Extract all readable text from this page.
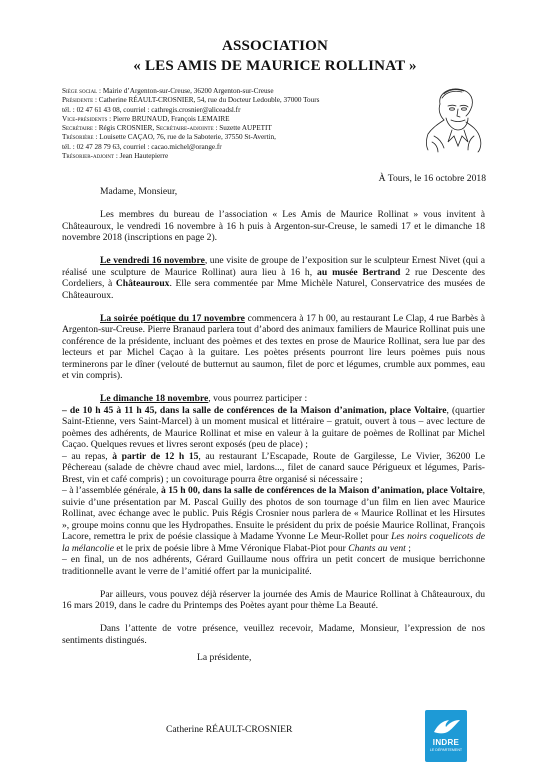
ASSOCIATION
« LES AMIS DE MAURICE ROLLINAT »
Siège social : Mairie d’Argenton-sur-Creuse, 36200 Argenton-sur-Creuse
Présidente : Catherine RÉAULT-CROSNIER, 54, rue du Docteur Ledouble, 37000 Tours
tél. : 02 47 61 43 08, courriel : cathregis.crosnier@aliceadsl.fr
Vice-présidents : Pierre BRUNAUD, François LEMAIRE
Secrétaire : Régis CROSNIER, Secrétaire-adjointe : Suzette AUPETIT
Trésorière : Louisette CAÇAO, 76, rue de la Saboterie, 37550 St-Avertin,
tél. : 02 47 28 79 63, courriel : cacao.michel@orange.fr
Trésorier-adjoint : Jean Hautepierre
À Tours, le 16 octobre 2018

Madame, Monsieur,

Les membres du bureau de l’association « Les Amis de Maurice Rollinat » vous invitent à Châteauroux, le vendredi 16 novembre à 16 h puis à Argenton-sur-Creuse, le samedi 17 et le dimanche 18 novembre 2018 (inscriptions en page 2).

Le vendredi 16 novembre, une visite de groupe de l’exposition sur le sculpteur Ernest Nivet (qui a réalisé une sculpture de Maurice Rollinat) aura lieu à 16 h, au musée Bertrand 2 rue Descente des Cordeliers, à Châteauroux. Elle sera commentée par Mme Michèle Naturel, Conservatrice des musées de Châteauroux.

La soirée poétique du 17 novembre commencera à 17 h 00, au restaurant Le Clap, 4 rue Barbès à Argenton-sur-Creuse. Pierre Branaud parlera tout d’abord des animaux familiers de Maurice Rollinat puis une conférence de la présidente, incluant des poèmes et des textes en prose de Maurice Rollinat, sera lue par des lecteurs et par Michel Caçao à la guitare. Les poètes présents pourront lire leurs poèmes puis nous terminerons par le dîner (velouté de butternut au saumon, filet de porc et légumes, crumble aux pommes, eau et vin compris).

Le dimanche 18 novembre, vous pourrez participer :

– de 10 h 45 à 11 h 45, dans la salle de conférences de la Maison d’animation, place Voltaire, (quartier Saint-Etienne, vers Saint-Marcel) à un moment musical et littéraire – gratuit, ouvert à tous – avec lecture de poèmes des adhérents, de Maurice Rollinat et mise en valeur à la guitare de poèmes de Rollinat par Michel Caçao. Quelques revues et livres seront exposés (peu de place) ;

– au repas, à partir de 12 h 15, au restaurant L’Escapade, Route de Gargilesse, Le Vivier, 36200 Le Pêchereau (salade de chèvre chaud avec miel, lardons..., filet de canard sauce Périgueux et légumes, Paris-Brest, vin et café compris) ; un covoiturage pourra être organisé si nécessaire ;

– à l’assemblée générale, à 15 h 00, dans la salle de conférences de la Maison d’animation, place Voltaire, suivie d’une présentation par M. Pascal Guilly des photos de son tournage d’un film en lien avec Maurice Rollinat, avec échange avec le public. Puis Régis Crosnier nous parlera de « Maurice Rollinat et les Hirsutes », groupe moins connu que les Hydropathes. Ensuite le président du prix de poésie Maurice Rollinat, François Lacore, remettra le prix de poésie classique à Madame Yvonne Le Meur-Rollet pour Les noirs coquelicots de la mélancolie et le prix de poésie libre à Mme Véronique Flabat-Piot pour Chants au vent ;

– en final, un de nos adhérents, Gérard Guillaume nous offrira un petit concert de musique berrichonne traditionnelle avant le verre de l’amitié offert par la municipalité.

Par ailleurs, vous pouvez déjà réserver la journée des Amis de Maurice Rollinat à Châteauroux, du 16 mars 2019, dans le cadre du Printemps des Poètes ayant pour thème La Beauté.

Dans l’attente de votre présence, veuillez recevoir, Madame, Monsieur, l’expression de nos sentiments distingués.

La présidente,
Catherine RÉAULT-CROSNIER
INDRE
LE DÉPARTEMENT
